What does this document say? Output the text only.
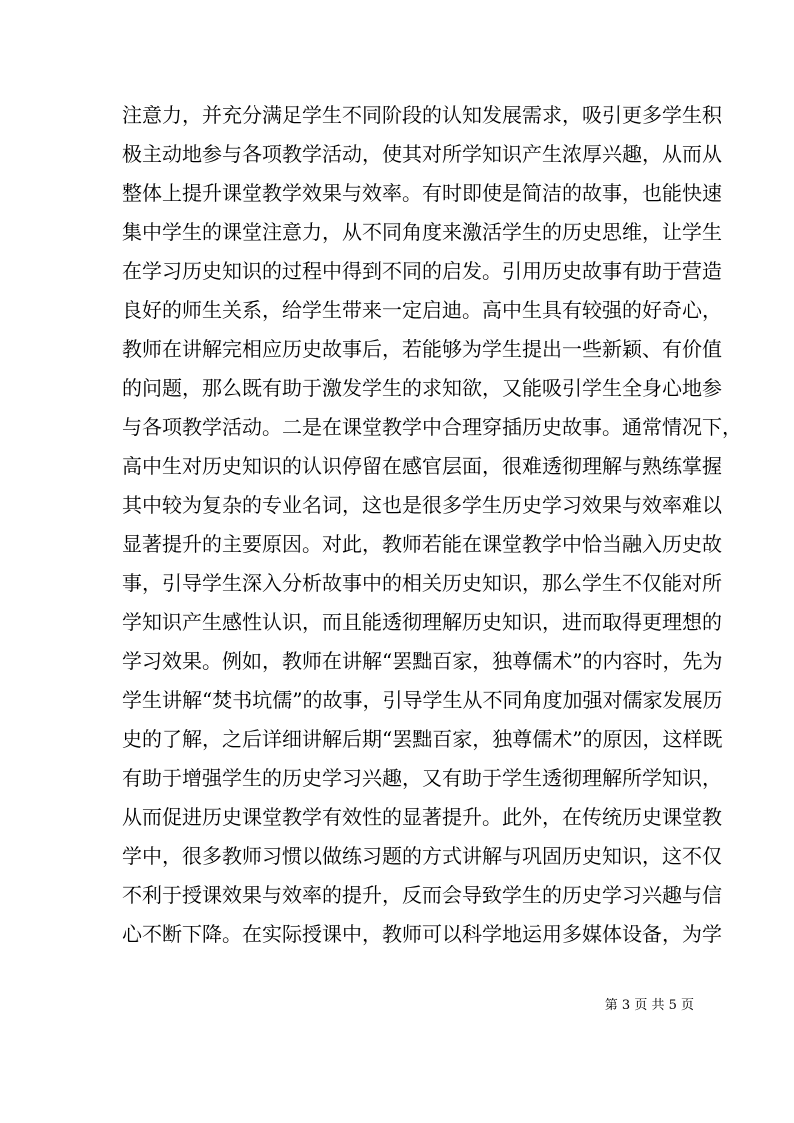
注意力，并充分满足学生不同阶段的认知发展需求，吸引更多学生积
极主动地参与各项教学活动，使其对所学知识产生浓厚兴趣，从而从
整体上提升课堂教学效果与效率。有时即使是简洁的故事，也能快速
集中学生的课堂注意力，从不同角度来激活学生的历史思维，让学生
在学习历史知识的过程中得到不同的启发。引用历史故事有助于营造
良好的师生关系，给学生带来一定启迪。高中生具有较强的好奇心，
教师在讲解完相应历史故事后，若能够为学生提出一些新颖、有价值
的问题，那么既有助于激发学生的求知欲，又能吸引学生全身心地参
与各项教学活动。二是在课堂教学中合理穿插历史故事。通常情况下，
高中生对历史知识的认识停留在感官层面，很难透彻理解与熟练掌握
其中较为复杂的专业名词，这也是很多学生历史学习效果与效率难以
显著提升的主要原因。对此，教师若能在课堂教学中恰当融入历史故
事，引导学生深入分析故事中的相关历史知识，那么学生不仅能对所
学知识产生感性认识，而且能透彻理解历史知识，进而取得更理想的
学习效果。例如，教师在讲解“罢黜百家，独尊儒术”的内容时，先为
学生讲解“焚书坑儒”的故事，引导学生从不同角度加强对儒家发展历
史的了解，之后详细讲解后期“罢黜百家，独尊儒术”的原因，这样既
有助于增强学生的历史学习兴趣，又有助于学生透彻理解所学知识，
从而促进历史课堂教学有效性的显著提升。此外，在传统历史课堂教
学中，很多教师习惯以做练习题的方式讲解与巩固历史知识，这不仅
不利于授课效果与效率的提升，反而会导致学生的历史学习兴趣与信
心不断下降。在实际授课中，教师可以科学地运用多媒体设备，为学
第 3 页 共 5 页
